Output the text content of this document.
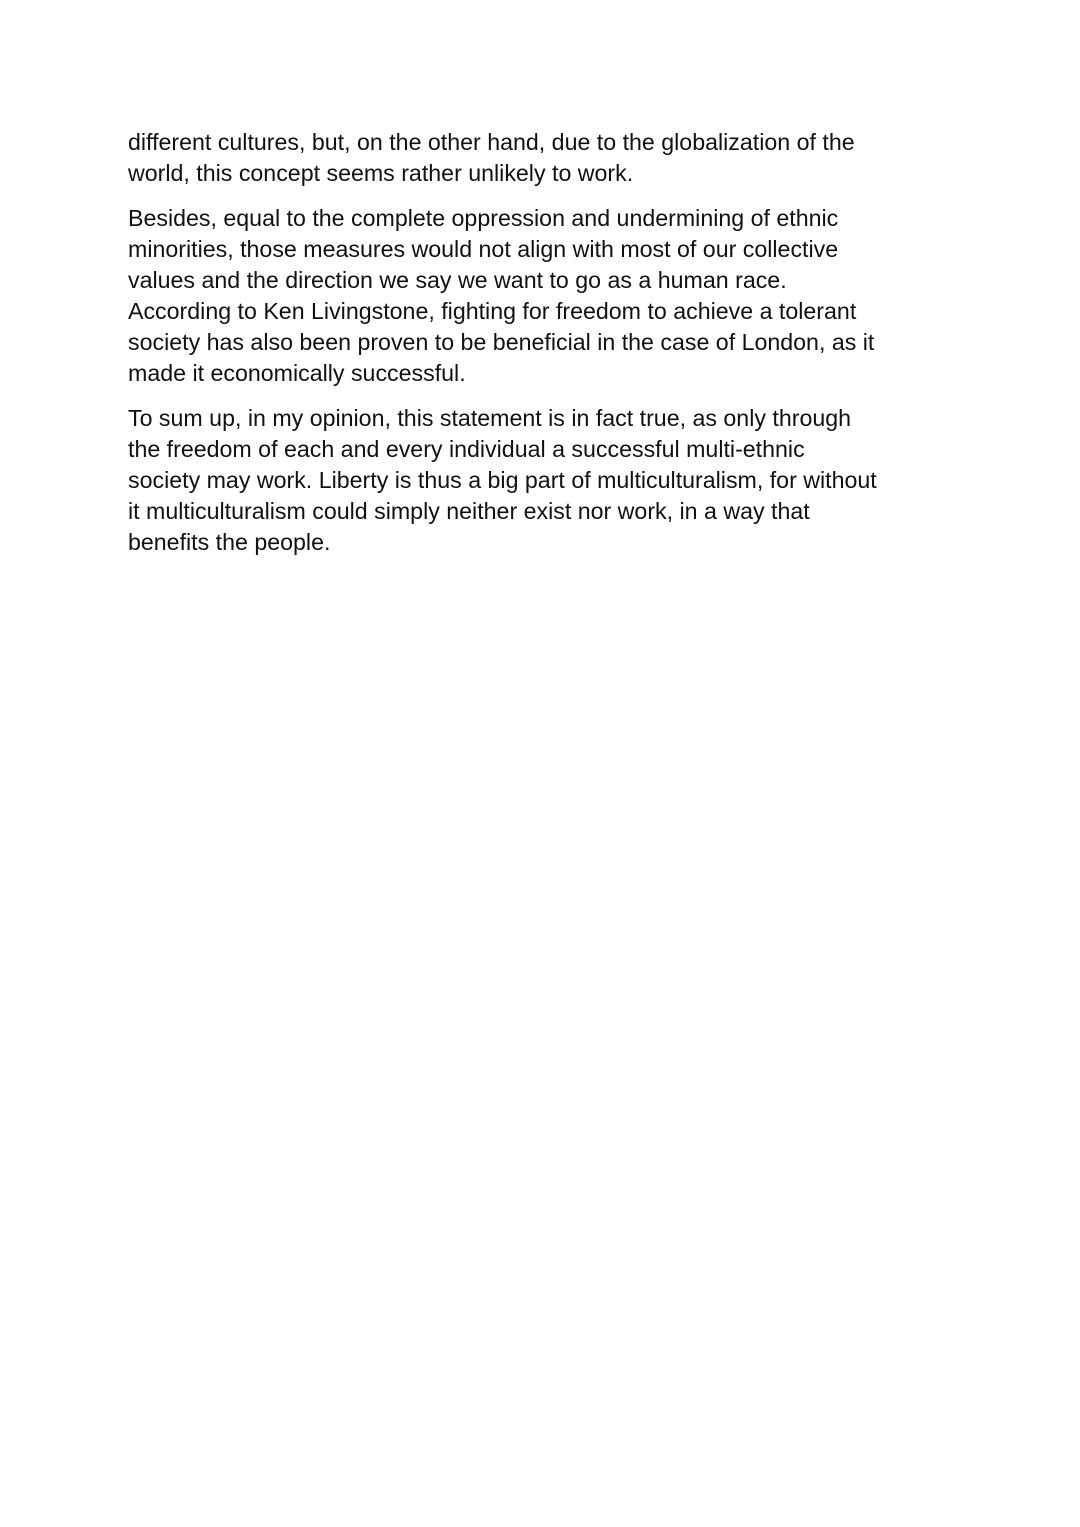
different cultures, but, on the other hand, due to the globalization of the
world, this concept seems rather unlikely to work.

Besides, equal to the complete oppression and undermining of ethnic
minorities, those measures would not align with most of our collective
values and the direction we say we want to go as a human race.
According to Ken Livingstone, fighting for freedom to achieve a tolerant
society has also been proven to be beneficial in the case of London, as it
made it economically successful.

To sum up, in my opinion, this statement is in fact true, as only through
the freedom of each and every individual a successful multi-ethnic
society may work. Liberty is thus a big part of multiculturalism, for without
it multiculturalism could simply neither exist nor work, in a way that
benefits the people.
